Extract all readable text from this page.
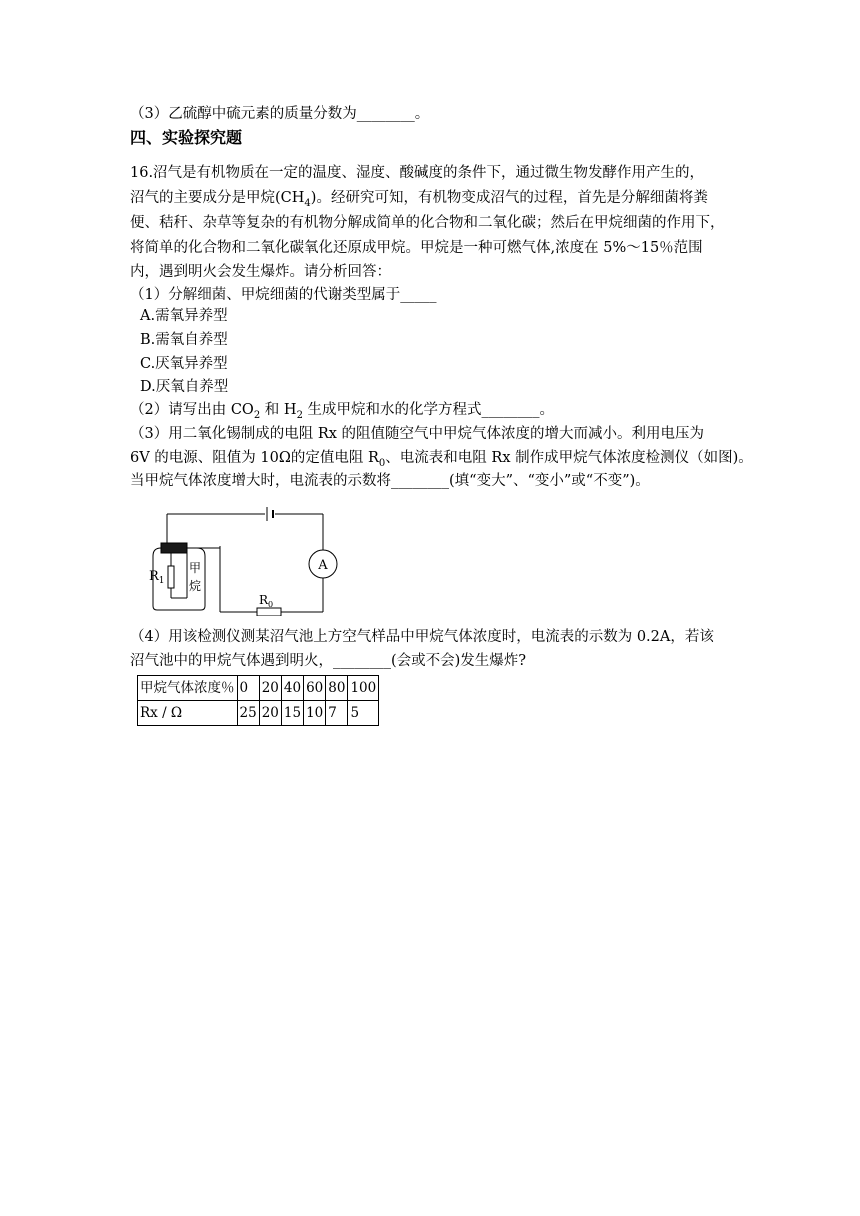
（3）乙硫醇中硫元素的质量分数为________。
四、实验探究题
16.沼气是有机物质在一定的温度、湿度、酸碱度的条件下，通过微生物发酵作用产生的，
沼气的主要成分是甲烷$(CH_4)$。经研究可知，有机物变成沼气的过程，首先是分解细菌将粪
便、秸秆、杂草等复杂的有机物分解成简单的化合物和二氧化碳；然后在甲烷细菌的作用下，
将简单的化合物和二氧化碳氧化还原成甲烷。甲烷是一种可燃气体,浓度在 5%～15％范围
内，遇到明火会发生爆炸。请分析回答：
（1）分解细菌、甲烷细菌的代谢类型属于_____
A.需氧异养型
B.需氧自养型
C.厌氧异养型
D.厌氧自养型
（2）请写出由 $CO_2$ 和 $H_2$ 生成甲烷和水的化学方程式________。
（3）用二氧化锡制成的电阻 Rx 的阻值随空气中甲烷气体浓度的增大而减小。利用电压为
6V 的电源、阻值为 10Ω的定值电阻 $R_0$、电流表和电阻 Rx 制作成甲烷气体浓度检测仪（如图)。
当甲烷气体浓度增大时，电流表的示数将________(填“变大”、“变小”或“不变”)。
$R_1$
甲
烷
A
$R_0$
（4）用该检测仪测某沼气池上方空气样品中甲烷气体浓度时，电流表的示数为 0.2A，若该
沼气池中的甲烷气体遇到明火，________(会或不会)发生爆炸?
甲烷气体浓度％	0	20	40	60	80	100
Rx / Ω	25	20	15	10	7	5
